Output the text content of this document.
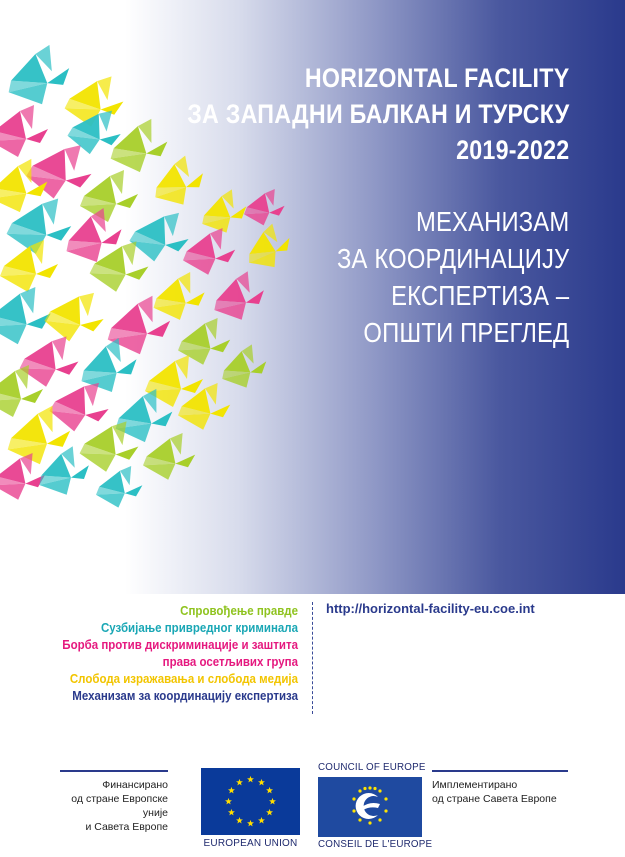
HORIZONTAL FACILITY
ЗА ЗАПАДНИ БАЛКАН И ТУРСКУ
2019-2022
МЕХАНИЗАМ
ЗА КООРДИНАЦИЈУ
ЕКСПЕРТИЗА –
ОПШТИ ПРЕГЛЕД
Спровођење правде
Сузбијање привредног криминала
Борба против дискриминације и заштита
права осетљивих група
Слобода изражавања и слобода медија
Механизам за координацију експертиза
http://horizontal-facility-eu.coe.int
Финансирано
од стране Европске уније
и Савета Европе
EUROPEAN UNION
COUNCIL OF EUROPE
CONSEIL DE L'EUROPE
Имплементирано
од стране Савета Европе
